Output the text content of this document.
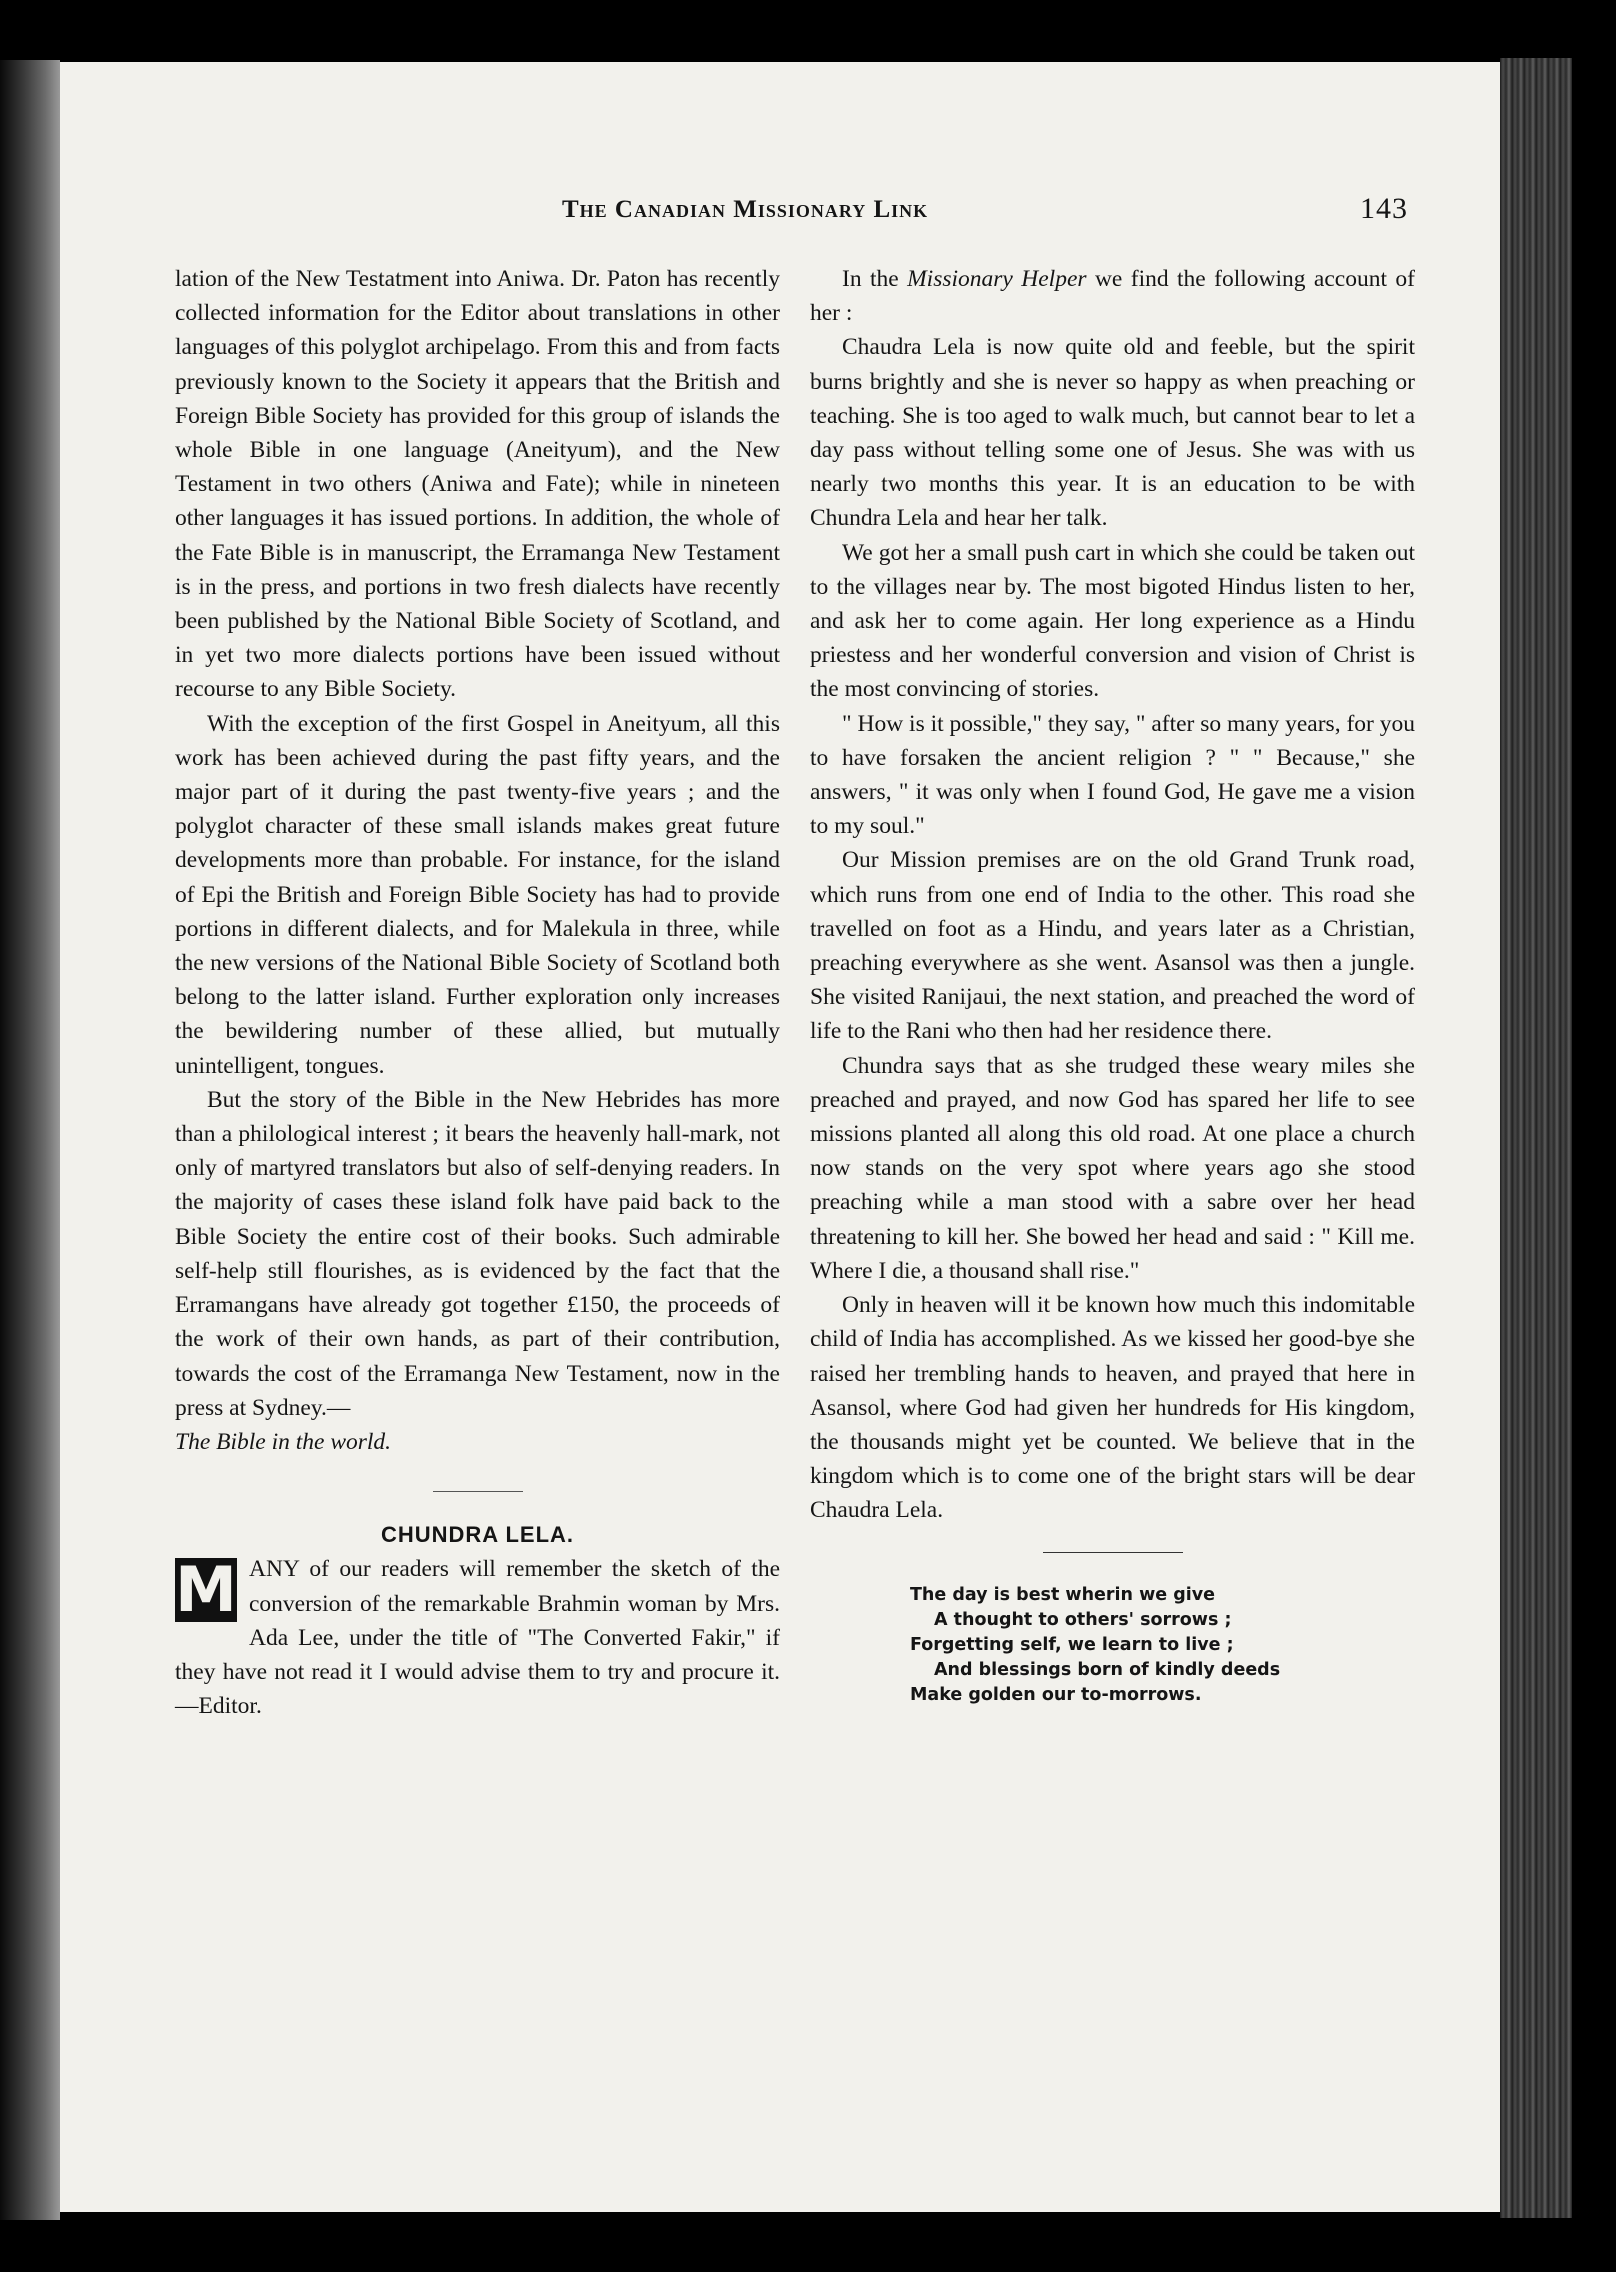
The Canadian Missionary Link	143

lation of the New Testatment into Aniwa. Dr. Paton has recently collected information for the Editor about translations in other languages of this polyglot archipelago. From this and from facts previously known to the Society it appears that the British and Foreign Bible Society has provided for this group of islands the whole Bible in one language (Aneityum), and the New Testament in two others (Aniwa and Fate); while in nineteen other languages it has issued portions. In addition, the whole of the Fate Bible is in manuscript, the Erramanga New Testament is in the press, and portions in two fresh dialects have recently been published by the National Bible Society of Scotland, and in yet two more dialects portions have been issued without recourse to any Bible Society.

With the exception of the first Gospel in Aneityum, all this work has been achieved during the past fifty years, and the major part of it during the past twenty-five years ; and the polyglot character of these small islands makes great future developments more than probable. For instance, for the island of Epi the British and Foreign Bible Society has had to provide portions in different dialects, and for Malekula in three, while the new versions of the National Bible Society of Scotland both belong to the latter island. Further exploration only increases the bewildering number of these allied, but mutually unintelligent, tongues.

But the story of the Bible in the New Hebrides has more than a philological interest ; it bears the heavenly hall-mark, not only of martyred translators but also of self-denying readers. In the majority of cases these island folk have paid back to the Bible Society the entire cost of their books. Such admirable self-help still flourishes, as is evidenced by the fact that the Erramangans have already got together £150, the proceeds of the work of their own hands, as part of their contribution, towards the cost of the Erramanga New Testament, now in the press at Sydney.—

The Bible in the world.

CHUNDRA LELA.

M ANY of our readers will remember the sketch of the conversion of the remarkable Brahmin woman by Mrs. Ada Lee, under the title of "The Converted Fakir," if they have not read it I would advise them to try and procure it.—Editor.

In the Missionary Helper we find the following account of her :

Chaudra Lela is now quite old and feeble, but the spirit burns brightly and she is never so happy as when preaching or teaching. She is too aged to walk much, but cannot bear to let a day pass without telling some one of Jesus. She was with us nearly two months this year. It is an education to be with Chundra Lela and hear her talk.

We got her a small push cart in which she could be taken out to the villages near by. The most bigoted Hindus listen to her, and ask her to come again. Her long experience as a Hindu priestess and her wonderful conversion and vision of Christ is the most convincing of stories.

" How is it possible," they say, " after so many years, for you to have forsaken the ancient religion ? " " Because," she answers, " it was only when I found God, He gave me a vision to my soul."

Our Mission premises are on the old Grand Trunk road, which runs from one end of India to the other. This road she travelled on foot as a Hindu, and years later as a Christian, preaching everywhere as she went. Asansol was then a jungle. She visited Ranijaui, the next station, and preached the word of life to the Rani who then had her residence there.

Chundra says that as she trudged these weary miles she preached and prayed, and now God has spared her life to see missions planted all along this old road. At one place a church now stands on the very spot where years ago she stood preaching while a man stood with a sabre over her head threatening to kill her. She bowed her head and said : " Kill me. Where I die, a thousand shall rise."

Only in heaven will it be known how much this indomitable child of India has accomplished. As we kissed her good-bye she raised her trembling hands to heaven, and prayed that here in Asansol, where God had given her hundreds for His kingdom, the thousands might yet be counted. We believe that in the kingdom which is to come one of the bright stars will be dear Chaudra Lela.

The day is best wherin we give
A thought to others' sorrows ;
Forgetting self, we learn to live ;
And blessings born of kindly deeds
Make golden our to-morrows.
